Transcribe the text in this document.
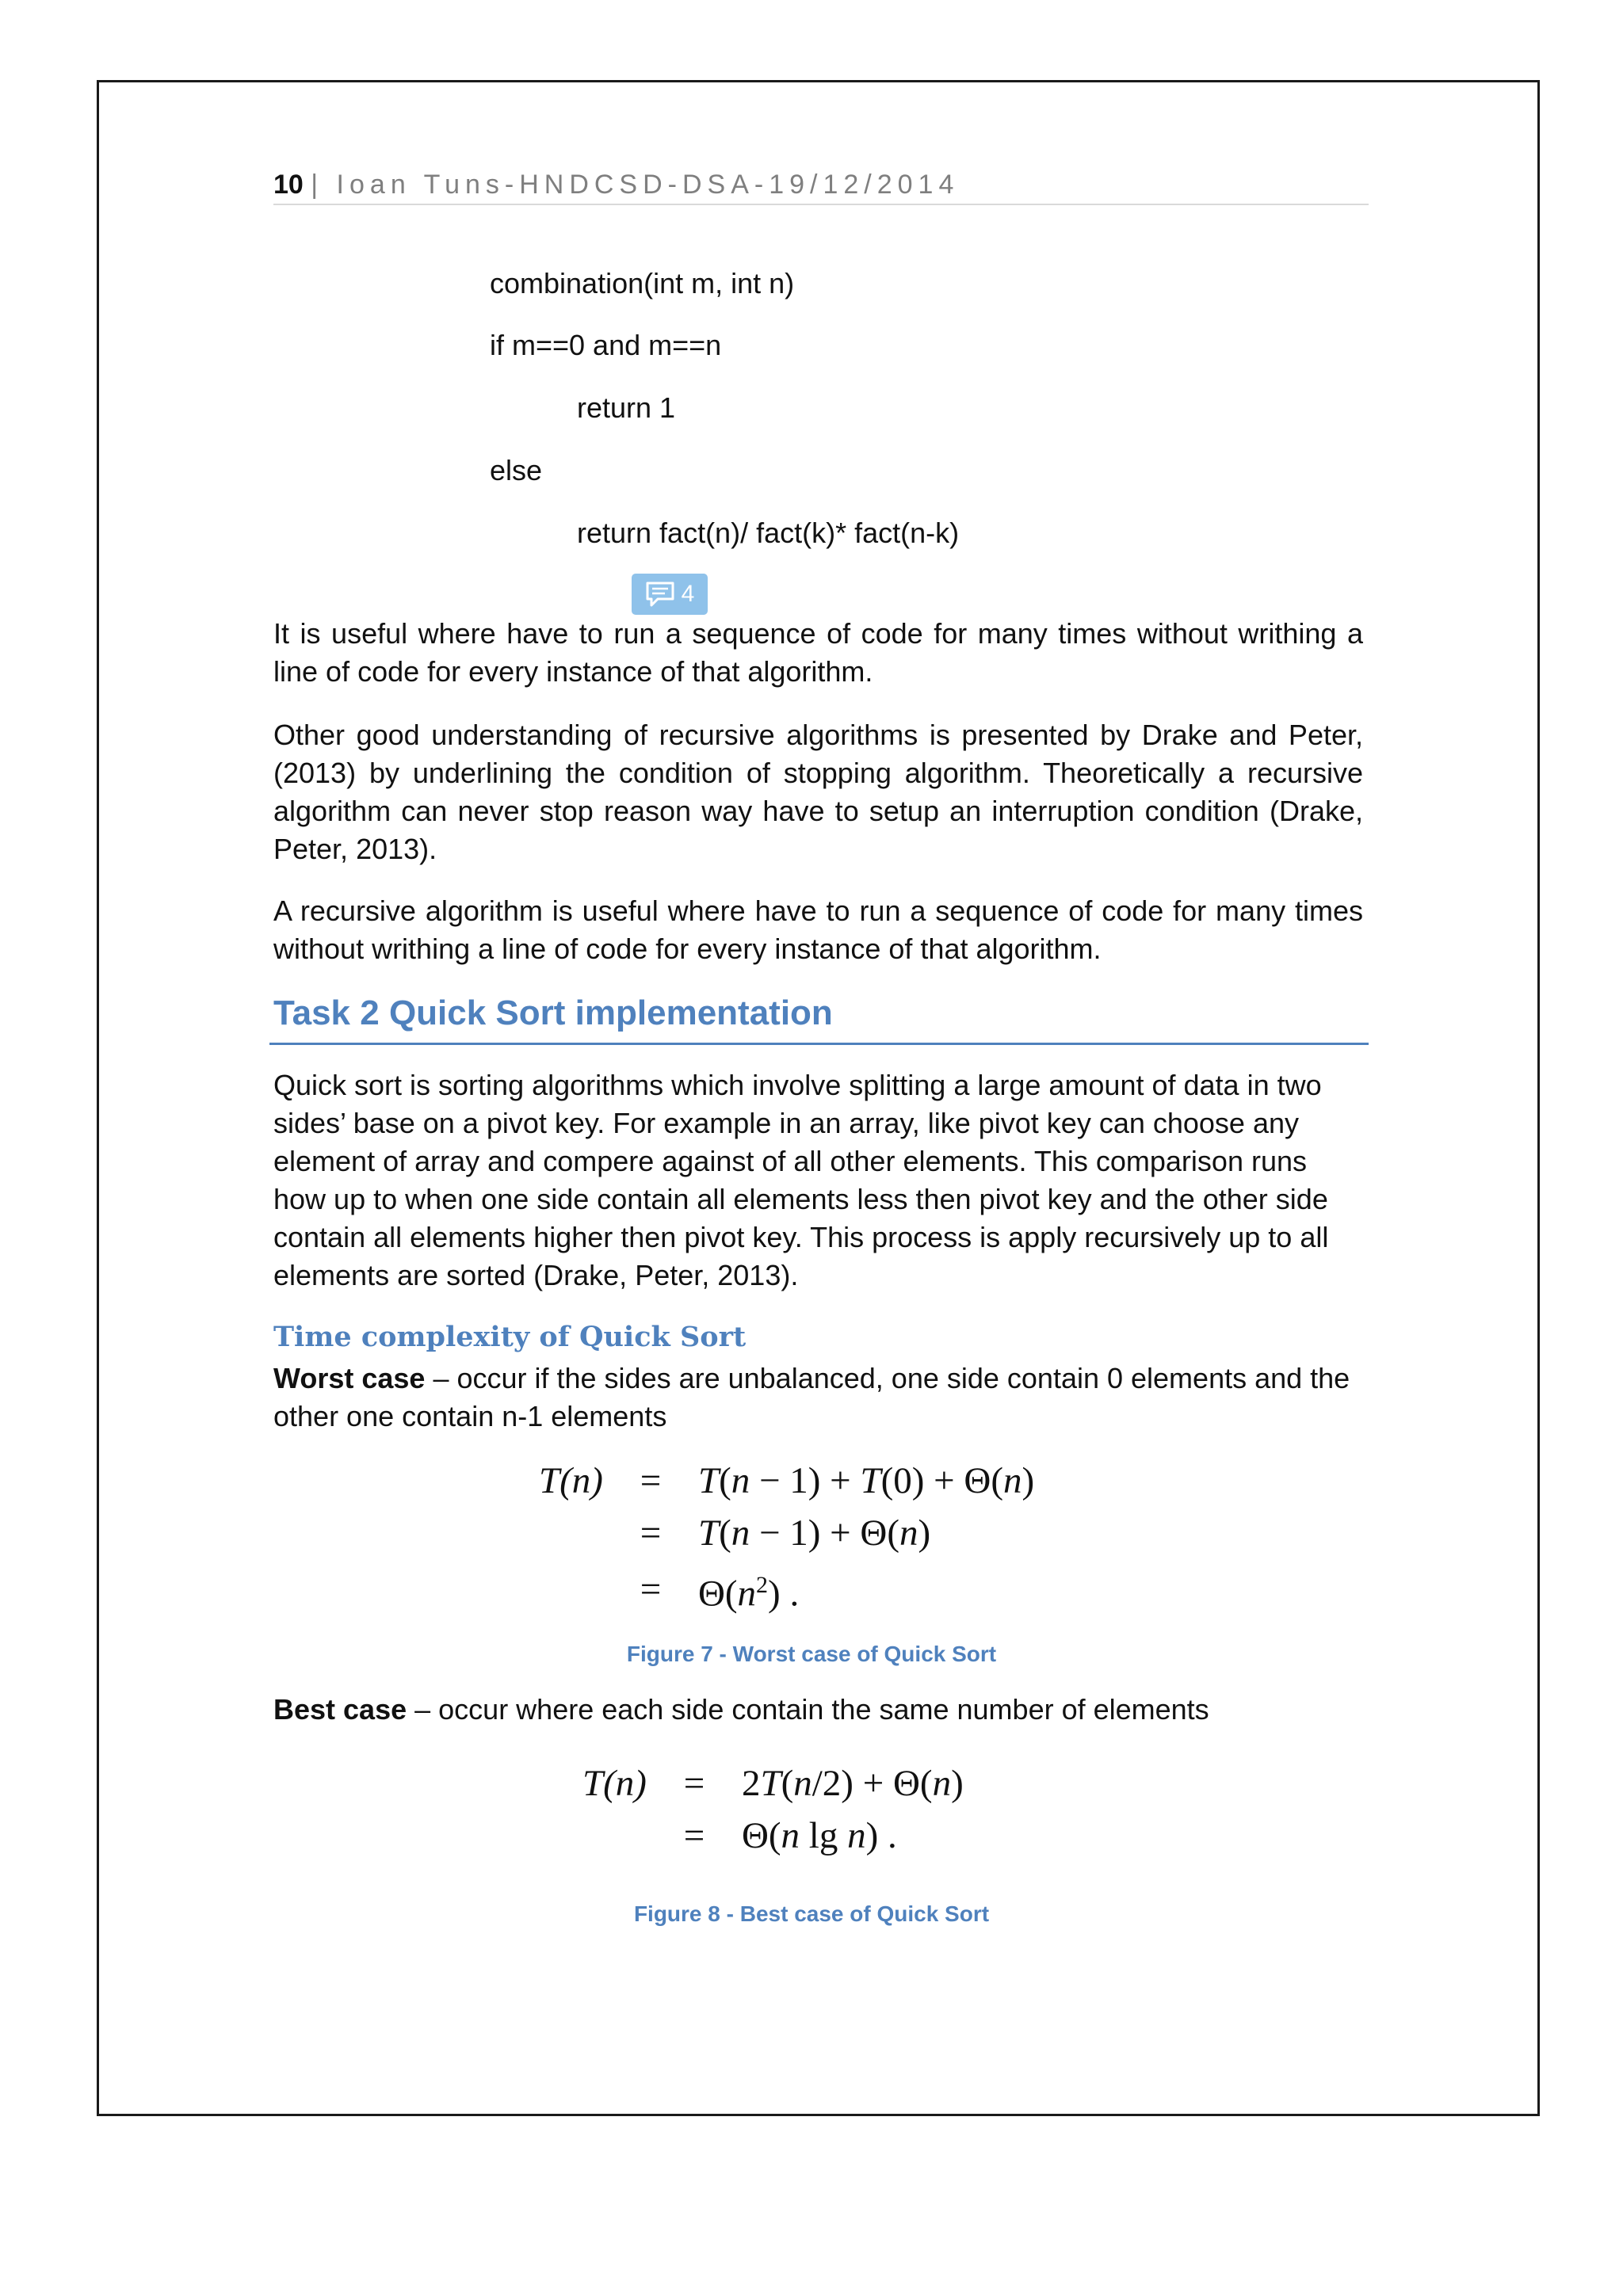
10 | Ioan Tuns-HNDCSD-DSA-19/12/2014
combination(int m, int n)
if m==0 and m==n
return 1
else
return fact(n)/ fact(k)* fact(n-k)
4

It is useful where have to run a sequence of code for many times without writhing a line of code for every instance of that algorithm.

Other good understanding of recursive algorithms is presented by Drake and Peter, (2013) by underlining the condition of stopping algorithm. Theoretically a recursive algorithm can never stop reason way have to setup an interruption condition (Drake, Peter, 2013).

A recursive algorithm is useful where have to run a sequence of code for many times without writhing a line of code for every instance of that algorithm.

Task 2 Quick Sort implementation

Quick sort is sorting algorithms which involve splitting a large amount of data in two sides’ base on a pivot key. For example in an array, like pivot key can choose any element of array and compere against of all other elements. This comparison runs how up to when one side contain all elements less then pivot key and the other side contain all elements higher then pivot key. This process is apply recursively up to all elements are sorted (Drake, Peter, 2013).

Time complexity of Quick Sort

Worst case – occur if the sides are unbalanced, one side contain 0 elements and the other one contain n-1 elements

T(n)	=	T(n − 1) + T(0) + Θ(n)
	=	T(n − 1) + Θ(n)
	=	$\Theta(n^2)$ .
Figure 7 - Worst case of Quick Sort

Best case – occur where each side contain the same number of elements

T(n)	=	2T(n/2) + Θ(n)
	=	Θ(n lg n) .
Figure 8 - Best case of Quick Sort
